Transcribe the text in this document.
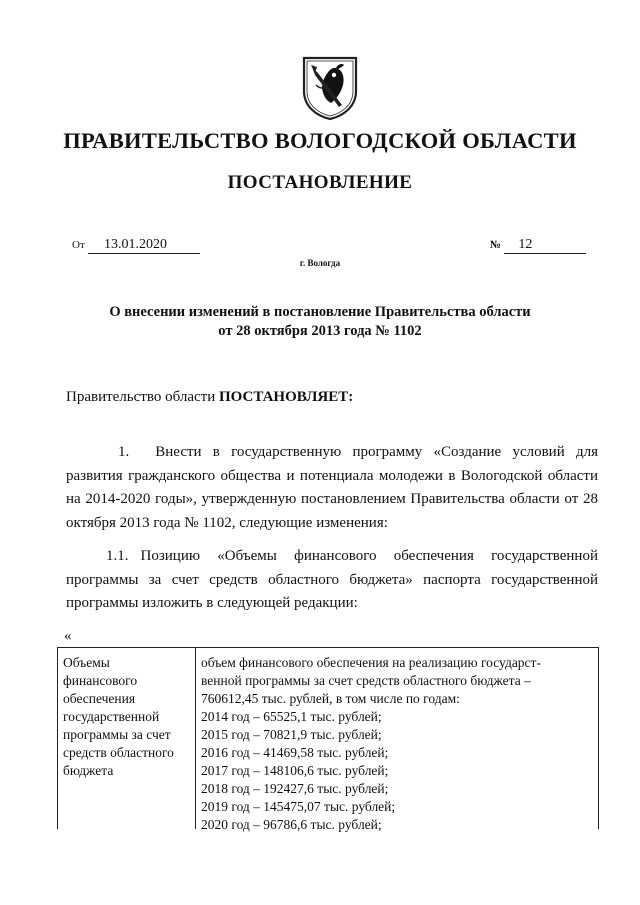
ПРАВИТЕЛЬСТВО ВОЛОГОДСКОЙ ОБЛАСТИ
ПОСТАНОВЛЕНИЕ
От 13.01.2020
г. Вологда
№ 12
О внесении изменений в постановление Правительства области
от 28 октября 2013 года № 1102
Правительство области ПОСТАНОВЛЯЕТ:
1. Внести в государственную программу «Создание условий для развития гражданского общества и потенциала молодежи в Вологодской области на 2014-2020 годы», утвержденную постановлением Правительства области от 28 октября 2013 года № 1102, следующие изменения:
1.1. Позицию «Объемы финансового обеспечения государственной программы за счет средств областного бюджета» паспорта государственной программы изложить в следующей редакции:
«
Объемы
финансового
обеспечения
государственной
программы за счет
средств областного
бюджета
объем финансового обеспечения на реализацию государст-
венной программы за счет средств областного бюджета –
760612,45 тыс. рублей, в том числе по годам:
2014 год – 65525,1 тыс. рублей;
2015 год – 70821,9 тыс. рублей;
2016 год – 41469,58 тыс. рублей;
2017 год – 148106,6 тыс. рублей;
2018 год – 192427,6 тыс. рублей;
2019 год – 145475,07 тыс. рублей;
2020 год – 96786,6 тыс. рублей;
